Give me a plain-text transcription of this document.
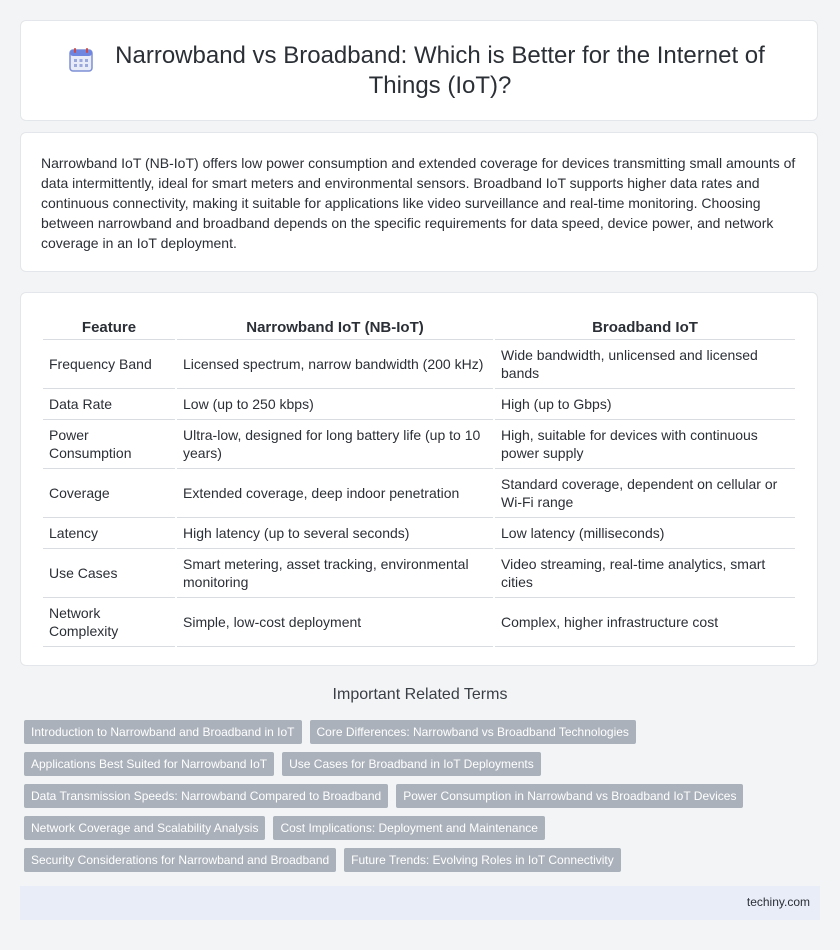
Narrowband vs Broadband: Which is Better for the Internet of Things (IoT)?

Narrowband IoT (NB-IoT) offers low power consumption and extended coverage for devices transmitting small amounts of data intermittently, ideal for smart meters and environmental sensors. Broadband IoT supports higher data rates and continuous connectivity, making it suitable for applications like video surveillance and real-time monitoring. Choosing between narrowband and broadband depends on the specific requirements for data speed, device power, and network coverage in an IoT deployment.

Feature	Narrowband IoT (NB-IoT)	Broadband IoT
Frequency Band	Licensed spectrum, narrow bandwidth (200 kHz)	Wide bandwidth, unlicensed and licensed bands
Data Rate	Low (up to 250 kbps)	High (up to Gbps)
Power Consumption	Ultra-low, designed for long battery life (up to 10 years)	High, suitable for devices with continuous power supply
Coverage	Extended coverage, deep indoor penetration	Standard coverage, dependent on cellular or Wi-Fi range
Latency	High latency (up to several seconds)	Low latency (milliseconds)
Use Cases	Smart metering, asset tracking, environmental monitoring	Video streaming, real-time analytics, smart cities
Network Complexity	Simple, low-cost deployment	Complex, higher infrastructure cost
Important Related Terms
Introduction to Narrowband and Broadband in IoT	Core Differences: Narrowband vs Broadband Technologies
Applications Best Suited for Narrowband IoT	Use Cases for Broadband in IoT Deployments
Data Transmission Speeds: Narrowband Compared to Broadband	Power Consumption in Narrowband vs Broadband IoT Devices
Network Coverage and Scalability Analysis	Cost Implications: Deployment and Maintenance
Security Considerations for Narrowband and Broadband	Future Trends: Evolving Roles in IoT Connectivity
techiny.com
